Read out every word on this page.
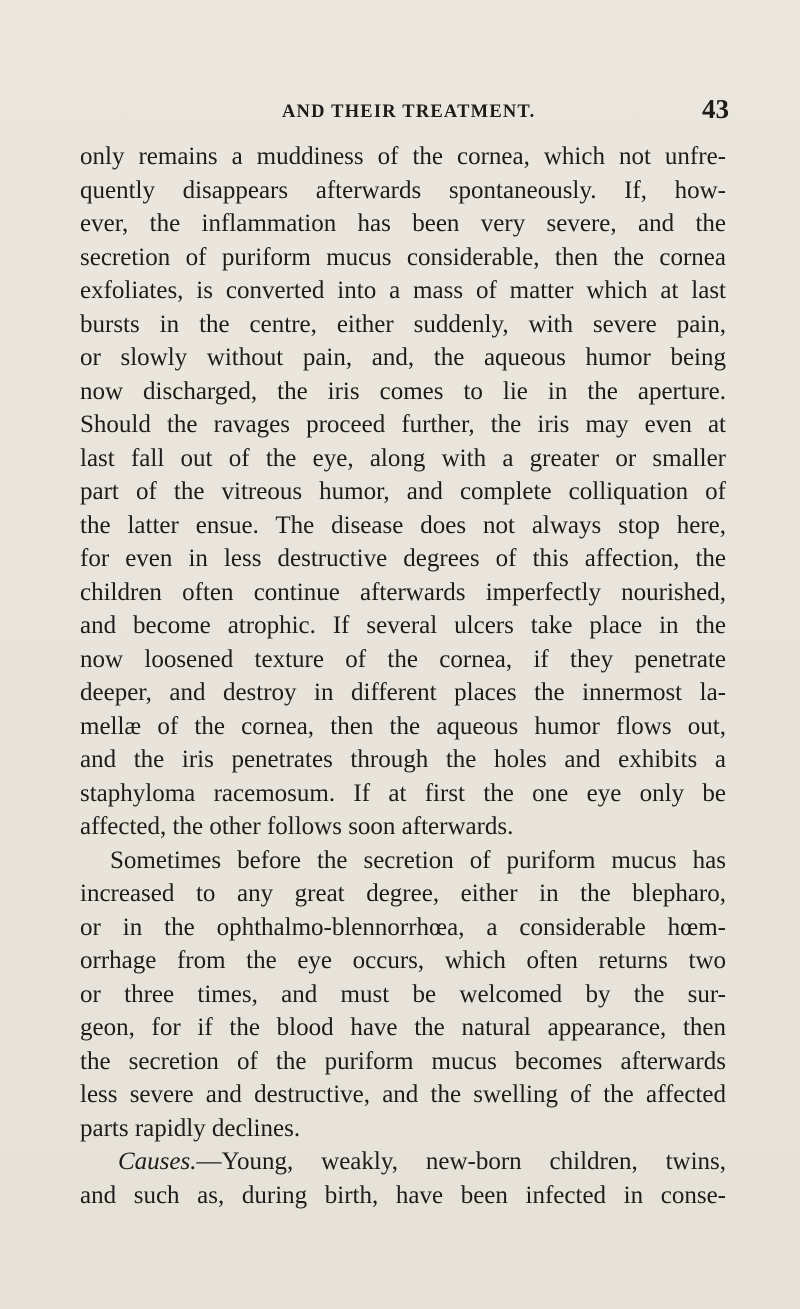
AND THEIR TREATMENT.	43
only remains a muddiness of the cornea, which not unfre-
quently disappears afterwards spontaneously. If, how-
ever, the inflammation has been very severe, and the
secretion of puriform mucus considerable, then the cornea
exfoliates, is converted into a mass of matter which at last
bursts in the centre, either suddenly, with severe pain,
or slowly without pain, and, the aqueous humor being
now discharged, the iris comes to lie in the aperture.
Should the ravages proceed further, the iris may even at
last fall out of the eye, along with a greater or smaller
part of the vitreous humor, and complete colliquation of
the latter ensue. The disease does not always stop here,
for even in less destructive degrees of this affection, the
children often continue afterwards imperfectly nourished,
and become atrophic. If several ulcers take place in the
now loosened texture of the cornea, if they penetrate
deeper, and destroy in different places the innermost la-
mellæ of the cornea, then the aqueous humor flows out,
and the iris penetrates through the holes and exhibits a
staphyloma racemosum. If at first the one eye only be
affected, the other follows soon afterwards.
Sometimes before the secretion of puriform mucus has
increased to any great degree, either in the blepharo,
or in the ophthalmo-blennorrhœa, a considerable hœm-
orrhage from the eye occurs, which often returns two
or three times, and must be welcomed by the sur-
geon, for if the blood have the natural appearance, then
the secretion of the puriform mucus becomes afterwards
less severe and destructive, and the swelling of the affected
parts rapidly declines.
Causes.—Young, weakly, new-born children, twins,
and such as, during birth, have been infected in conse-
